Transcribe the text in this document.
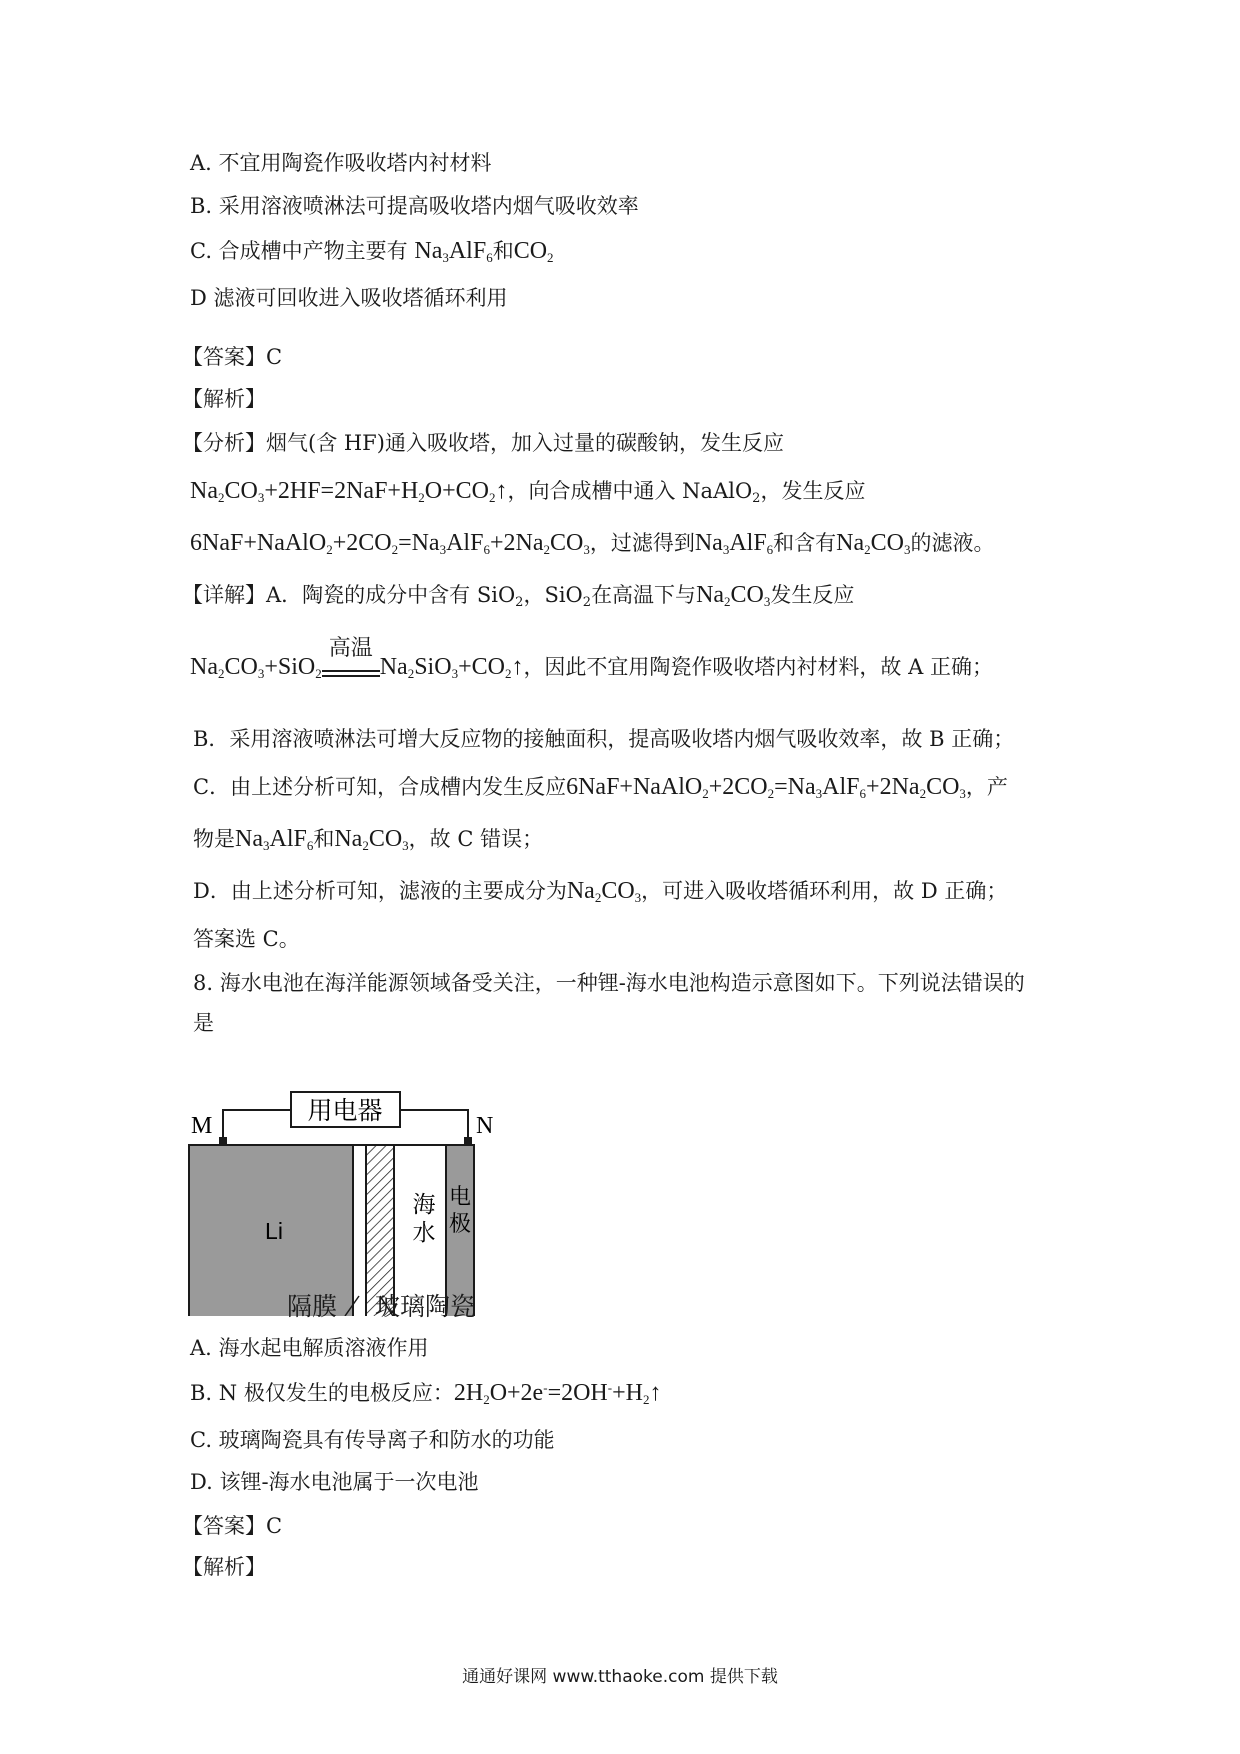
A. 不宜用陶瓷作吸收塔内衬材料
B. 采用溶液喷淋法可提高吸收塔内烟气吸收效率
C. 合成槽中产物主要有 $Na_3AlF_6$和$CO_2$
D 滤液可回收进入吸收塔循环利用
【答案】C
【解析】
【分析】烟气(含 HF)通入吸收塔，加入过量的碳酸钠，发生反应
$Na_2CO_3+2HF=2NaF+H_2O+CO_2↑$，向合成槽中通入 NaAlO$_2$，发生反应
$6NaF+NaAlO_2+2CO_2=Na_3AlF_6+2Na_2CO_3$，过滤得到$Na_3AlF_6$和含有$Na_2CO_3$的滤液。
【详解】A．陶瓷的成分中含有 SiO$_2$，SiO$_2$在高温下与$Na_2CO_3$发生反应
$Na_2CO_3+SiO_2$
高温
$Na_2SiO_3+CO_2↑$，因此不宜用陶瓷作吸收塔内衬材料，故 A 正确；
B．采用溶液喷淋法可增大反应物的接触面积，提高吸收塔内烟气吸收效率，故 B 正确；
C．由上述分析可知，合成槽内发生反应$6NaF+NaAlO_2+2CO_2=Na_3AlF_6+2Na_2CO_3$，产
物是$Na_3AlF_6$和$Na_2CO_3$，故 C 错误；
D．由上述分析可知，滤液的主要成分为$Na_2CO_3$，可进入吸收塔循环利用，故 D 正确；
答案选 C。
8. 海水电池在海洋能源领域备受关注，一种锂-海水电池构造示意图如下。下列说法错误的
是
用电器
M	N
Li
海
水
电
极
隔膜 玻璃陶瓷
A. 海水起电解质溶液作用
B. N 极仅发生的电极反应：$2H_2O+2e^-=2OH^-+H_2↑$
C. 玻璃陶瓷具有传导离子和防水的功能
D. 该锂-海水电池属于一次电池
【答案】C
【解析】
通通好课网 www.tthaoke.com 提供下载
